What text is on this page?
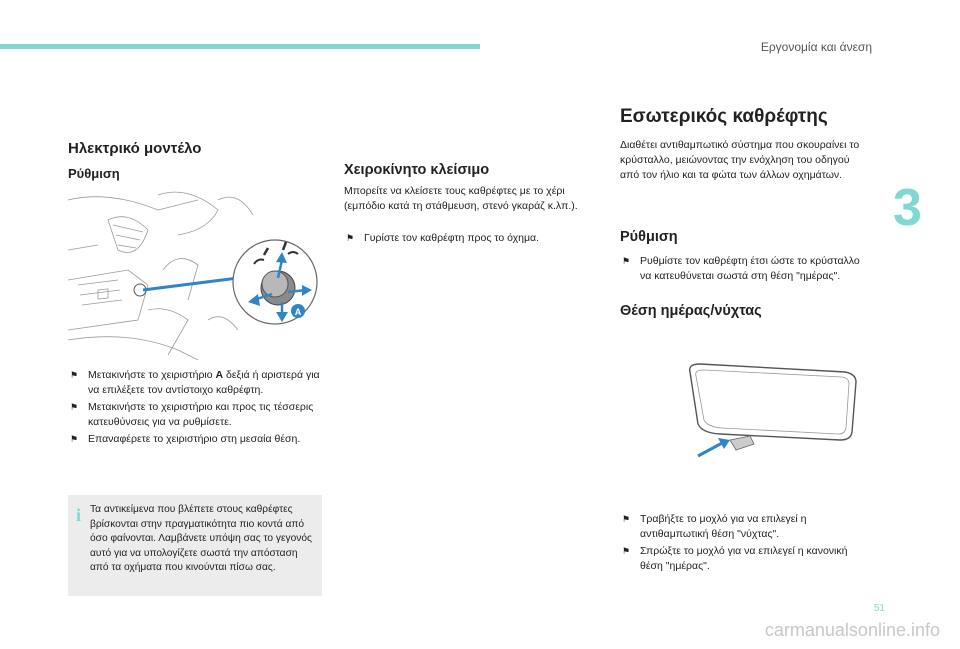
Εργονομία και άνεση
3
Ηλεκτρικό μοντέλο
Ρύθμιση
A
⚑ Μετακινήστε το χειριστήριο A δεξιά ή αριστερά για να επιλέξετε τον αντίστοιχο καθρέφτη.
⚑ Μετακινήστε το χειριστήριο και προς τις τέσσερις κατευθύνσεις για να ρυθμίσετε.
⚑ Επαναφέρετε το χειριστήριο στη μεσαία θέση.
i Τα αντικείμενα που βλέπετε στους καθρέφτες βρίσκονται στην πραγματικότητα πιο κοντά από όσο φαίνονται. Λαμβάνετε υπόψη σας το γεγονός αυτό για να υπολογίζετε σωστά την απόσταση από τα οχήματα που κινούνται πίσω σας.
Χειροκίνητο κλείσιμο
Μπορείτε να κλείσετε τους καθρέφτες με το χέρι (εμπόδιο κατά τη στάθμευση, στενό γκαράζ κ.λπ.).
⚑ Γυρίστε τον καθρέφτη προς το όχημα.
Εσωτερικός καθρέφτης
Διαθέτει αντιθαμπωτικό σύστημα που σκουραίνει το κρύσταλλο, μειώνοντας την ενόχληση του οδηγού από τον ήλιο και τα φώτα των άλλων οχημάτων.
Ρύθμιση
⚑ Ρυθμίστε τον καθρέφτη έτσι ώστε το κρύσταλλο να κατευθύνεται σωστά στη θέση "ημέρας".
Θέση ημέρας/νύχτας
⚑ Τραβήξτε το μοχλό για να επιλεγεί η αντιθαμπωτική θέση "νύχτας".
⚑ Σπρώξτε το μοχλό για να επιλεγεί η κανονική θέση "ημέρας".
51
carmanualsonline.info
